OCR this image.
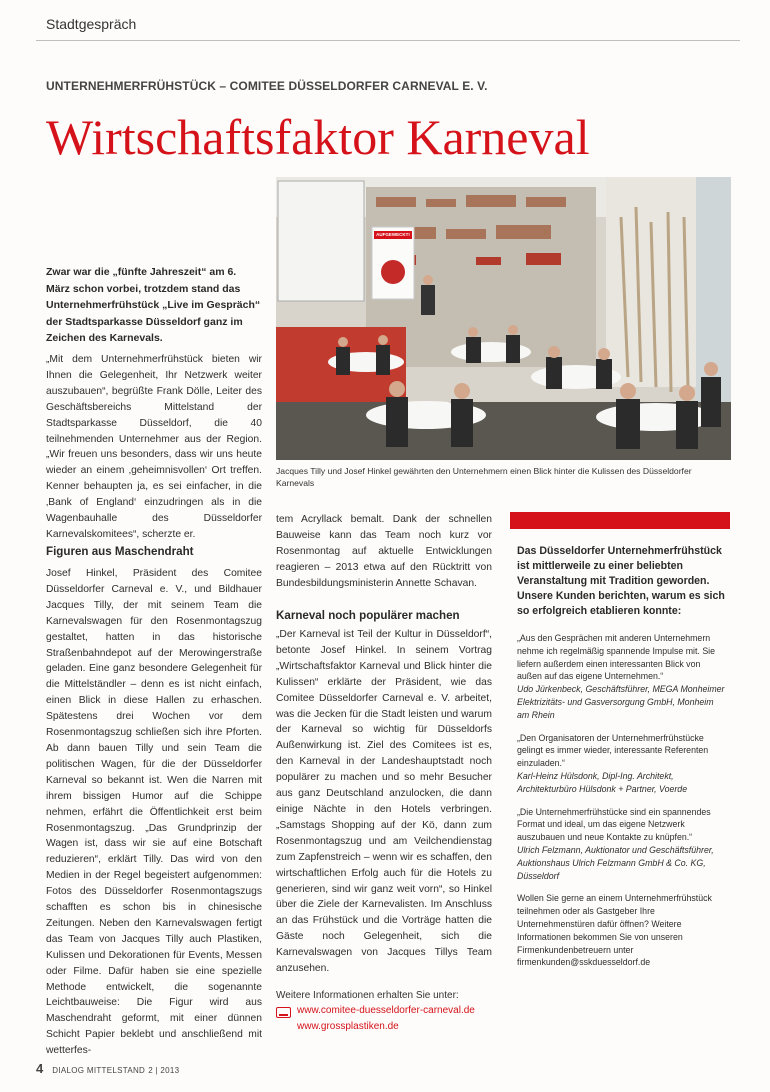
Stadtgespräch
UNTERNEHMERFRÜHSTÜCK – COMITEE DÜSSELDORFER CARNEVAL E. V.
Wirtschaftsfaktor Karneval
Zwar war die „fünfte Jahreszeit“ am 6. März schon vorbei, trotzdem stand das Unternehmerfrühstück „Live im Gespräch“ der Stadtsparkasse Düsseldorf ganz im Zeichen des Karnevals.

„Mit dem Unternehmerfrühstück bieten wir Ihnen die Gelegenheit, Ihr Netzwerk weiter auszubauen“, begrüßte Frank Dölle, Leiter des Geschäftsbereichs Mittelstand der Stadtsparkasse Düsseldorf, die 40 teilnehmenden Unternehmer aus der Region. „Wir freuen uns besonders, dass wir uns heute wieder an einem ‚geheimnisvollen‘ Ort treffen. Kenner behaupten ja, es sei einfacher, in die ‚Bank of England‘ einzudringen als in die Wagenbauhalle des Düsseldorfer Karnevalskomitees“, scherzte er.

Figuren aus Maschendraht

Josef Hinkel, Präsident des Comitee Düsseldorfer Carneval e. V., und Bildhauer Jacques Tilly, der mit seinem Team die Karnevalswagen für den Rosenmontagszug gestaltet, hatten in das historische Straßenbahndepot auf der Merowingerstraße geladen. Eine ganz besondere Gelegenheit für die Mittelständler – denn es ist nicht einfach, einen Blick in diese Hallen zu erhaschen. Spätestens drei Wochen vor dem Rosenmontagszug schließen sich ihre Pforten. Ab dann bauen Tilly und sein Team die politischen Wagen, für die der Düsseldorfer Karneval so bekannt ist. Wen die Narren mit ihrem bissigen Humor auf die Schippe nehmen, erfährt die Öffentlichkeit erst beim Rosenmontagszug. „Das Grundprinzip der Wagen ist, dass wir sie auf eine Botschaft reduzieren“, erklärt Tilly. Das wird von den Medien in der Regel begeistert aufgenommen: Fotos des Düsseldorfer Rosenmontagszugs schafften es schon bis in chinesische Zeitungen. Neben den Karnevalswagen fertigt das Team von Jacques Tilly auch Plastiken, Kulissen und Dekorationen für Events, Messen oder Filme. Dafür haben sie eine spezielle Methode entwickelt, die sogenannte Leichtbauweise: Die Figur wird aus Maschendraht geformt, mit einer dünnen Schicht Papier beklebt und anschließend mit wetterfes-

AUFGEWECKT!
Jacques Tilly und Josef Hinkel gewährten den Unternehmern einen Blick hinter die Kulissen des Düsseldorfer Karnevals

tem Acryllack bemalt. Dank der schnellen Bauweise kann das Team noch kurz vor Rosenmontag auf aktuelle Entwicklungen reagieren – 2013 etwa auf den Rücktritt von Bundesbildungsministerin Annette Schavan.

Karneval noch populärer machen

„Der Karneval ist Teil der Kultur in Düsseldorf“, betonte Josef Hinkel. In seinem Vortrag „Wirtschaftsfaktor Karneval und Blick hinter die Kulissen“ erklärte der Präsident, wie das Comitee Düsseldorfer Carneval e. V. arbeitet, was die Jecken für die Stadt leisten und warum der Karneval so wichtig für Düsseldorfs Außenwirkung ist. Ziel des Comitees ist es, den Karneval in der Landeshauptstadt noch populärer zu machen und so mehr Besucher aus ganz Deutschland anzulocken, die dann einige Nächte in den Hotels verbringen. „Samstags Shopping auf der Kö, dann zum Rosenmontagszug und am Veilchendienstag zum Zapfenstreich – wenn wir es schaffen, den wirtschaftlichen Erfolg auch für die Hotels zu generieren, sind wir ganz weit vorn“, so Hinkel über die Ziele der Karnevalisten. Im Anschluss an das Frühstück und die Vorträge hatten die Gäste noch Gelegenheit, sich die Karnevalswagen von Jacques Tillys Team anzusehen.

Weitere Informationen erhalten Sie unter:
www.comitee-duesseldorfer-carneval.de
www.grossplastiken.de
Das Düsseldorfer Unternehmerfrühstück ist mittlerweile zu einer beliebten Veranstaltung mit Tradition geworden. Unsere Kunden berichten, warum es sich so erfolgreich etablieren konnte:
„Aus den Gesprächen mit anderen Unternehmern nehme ich regelmäßig spannende Impulse mit. Sie liefern außerdem einen interessanten Blick von außen auf das eigene Unternehmen.“
Udo Jürkenbeck, Geschäftsführer, MEGA Monheimer Elektrizitäts- und Gasversorgung GmbH, Monheim am Rhein
„Den Organisatoren der Unternehmerfrühstücke gelingt es immer wieder, interessante Referenten einzuladen.“
Karl-Heinz Hülsdonk, Dipl-Ing. Architekt, Architekturbüro Hülsdonk + Partner, Voerde
„Die Unternehmerfrühstücke sind ein spannendes Format und ideal, um das eigene Netzwerk auszubauen und neue Kontakte zu knüpfen.“
Ulrich Felzmann, Auktionator und Geschäftsführer, Auktionshaus Ulrich Felzmann GmbH & Co. KG, Düsseldorf
Wollen Sie gerne an einem Unternehmerfrühstück teilnehmen oder als Gastgeber Ihre Unternehmenstüren dafür öffnen? Weitere Informationen bekommen Sie von unseren Firmenkundenbetreuern unter firmenkunden@sskduesseldorf.de
4 DIALOG MITTELSTAND 2 | 2013
